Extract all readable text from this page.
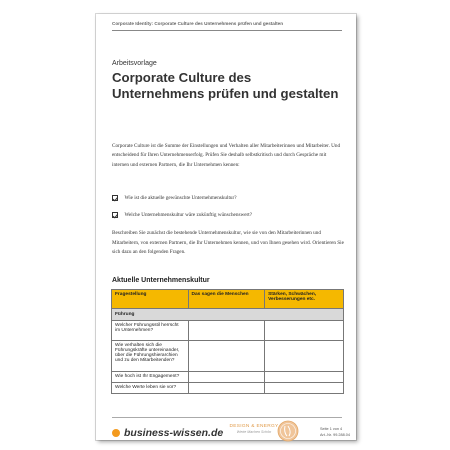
Corporate Identity: Corporate Culture des Unternehmens prüfen und gestalten
Arbeitsvorlage
Corporate Culture des Unternehmens prüfen und gestalten
Corporate Culture ist die Summe der Einstellungen und Verhalten aller Mitarbeiterinnen und Mitarbeiter. Und entscheidend für Ihren Unternehmenserfolg. Prüfen Sie deshalb selbstkritisch und durch Gespräche mit internen und externen Partnern, die Ihr Unternehmen kennen:
Wie ist die aktuelle gewünschte Unternehmenskultur?
Welche Unternehmenskultur wäre zukünftig wünschenswert?
Beschreiben Sie zunächst die bestehende Unternehmenskultur, wie sie von den Mitarbeiterinnen und Mitarbeitern, von externen Partnern, die Ihr Unternehmen kennen, und von Ihnen gesehen wird. Orientieren Sie sich dazu an den folgenden Fragen.
Aktuelle Unternehmenskultur
Fragestellung	Das sagen die Menschen	Stärken, Schwächen, Verbesserungen etc.
Führung		
Welcher Führungsstil herrscht im Unternehmen?		
Wie verhalten sich die Führungskräfte untereinander, über die Führungshierarchien und zu den Mitarbeitenden?		
Wie hoch ist Ihr Engagement?		
Welche Werte leben sie vor?		
business-wissen.de
DESIGN & ENERGY
Werte Machen Schön
Seite 1 von 4
Art.-Nr. 99.288.04
